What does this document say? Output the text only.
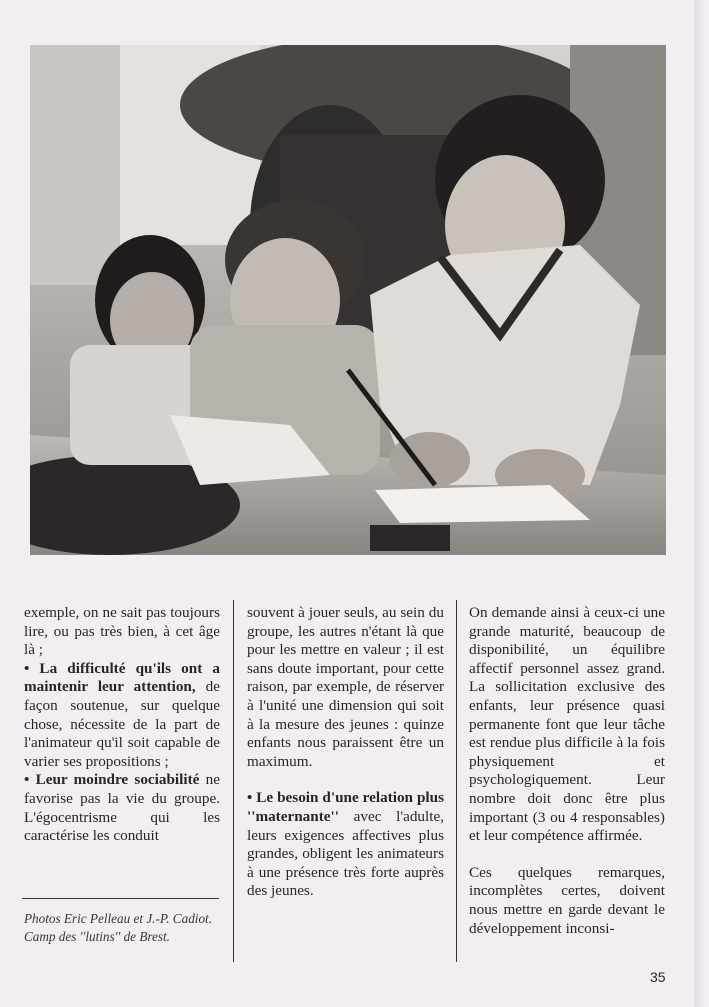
exemple, on ne sait pas toujours lire, ou pas très bien, à cet âge là ;

• La difficulté qu'ils ont a maintenir leur attention, de façon soutenue, sur quelque chose, nécessite de la part de l'animateur qu'il soit capable de varier ses propositions ;

• Leur moindre sociabilité ne favorise pas la vie du groupe. L'égocentrisme qui les caractérise les conduit

souvent à jouer seuls, au sein du groupe, les autres n'étant là que pour les mettre en valeur ; il est sans doute important, pour cette raison, par exemple, de réserver à l'unité une dimension qui soit à la mesure des jeunes : quinze enfants nous paraissent être un maximum.

• Le besoin d'une relation plus ''maternante'' avec l'adulte, leurs exigences affectives plus grandes, obligent les animateurs à une présence très forte auprès des jeunes.

On demande ainsi à ceux-ci une grande maturité, beaucoup de disponibilité, un équilibre affectif personnel assez grand. La sollicitation exclusive des enfants, leur présence quasi permanente font que leur tâche est rendue plus difficile à la fois physiquement et psychologiquement. Leur nombre doit donc être plus important (3 ou 4 responsables) et leur compétence affirmée.

Ces quelques remarques, incomplètes certes, doivent nous mettre en garde devant le développement inconsi-

Photos Eric Pelleau et J.-P. Cadiot.
Camp des ''lutins'' de Brest.
35
